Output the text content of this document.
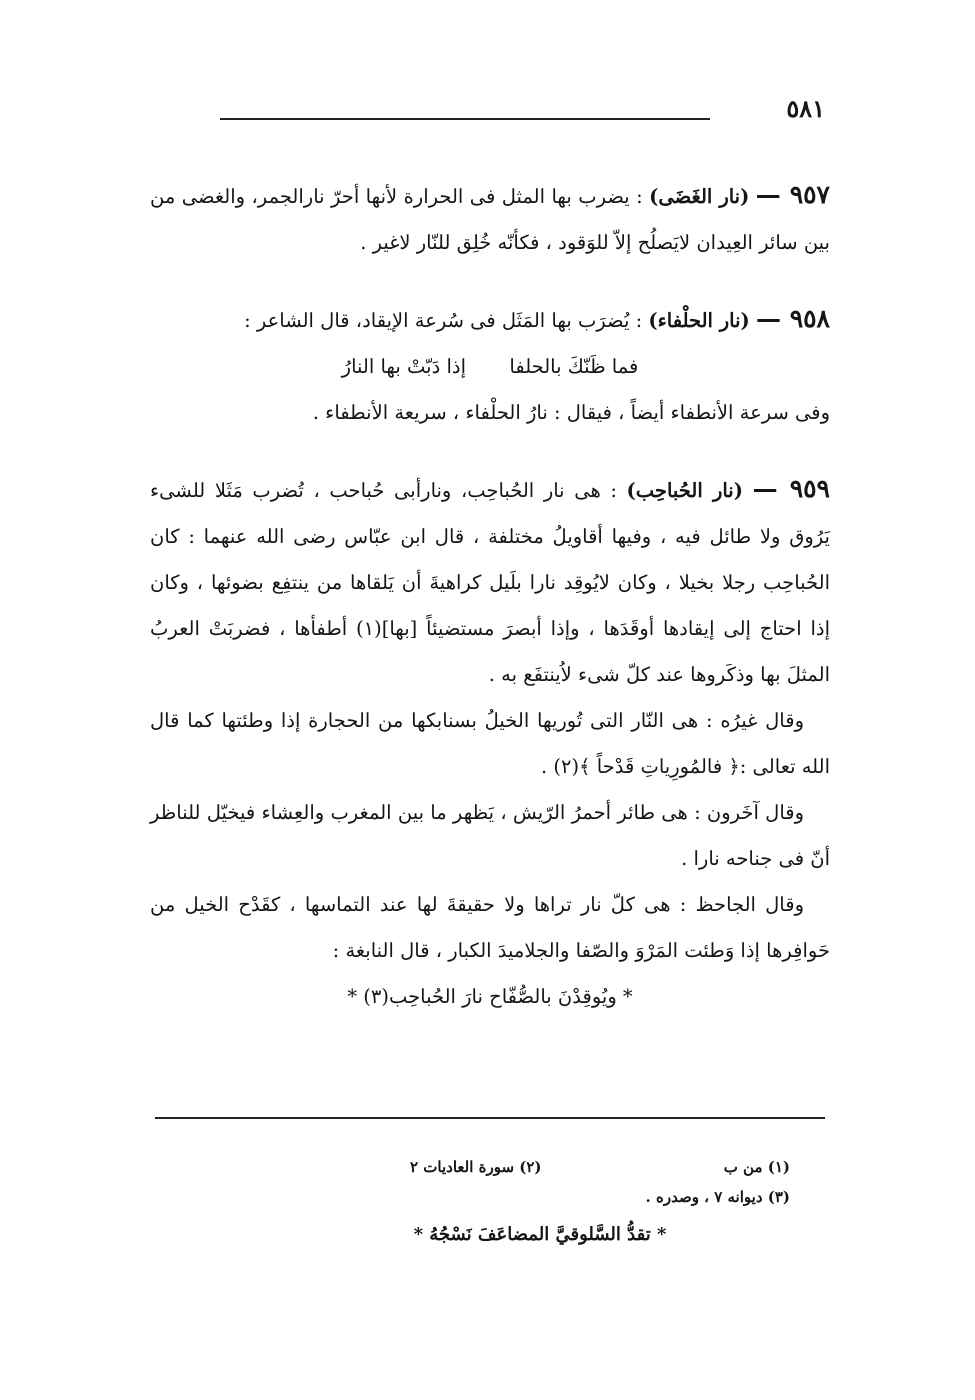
٥٨١

٩٥٧ — (نار الغَضَى) : يضرب بها المثل فى الحرارة لأنها أحرّ نارالجمر، والغضى من بين سائر العِيدان لايَصلُح إلاّ للوَقود ، فكأنّه خُلِق للنّار لاغير .

٩٥٨ — (نار الحلْفاء) : يُضرَب بها المَثَل فى سُرعة الإيقاد، قال الشاعر :

فما ظَنّكَ بالحلفا       إذا دَبّتْ بها النارُ

وفى سرعة الأنطفاء أيضاً ، فيقال : نارُ الحلْفاء ، سريعة الأنطفاء .

٩٥٩ — (نار الحُباحِب) : هى نار الحُباحِب، ونارأبى حُباحب ، تُضرب مَثَلا للشىء يَرُوق ولا طائل فيه ، وفيها أقاويلُ مختلفة ، قال ابن عبّاس رضى الله عنهما : كان الحُباحِب رجلا بخيلا ، وكان لايُوقِد نارا بلَيل كراهيةَ أن يَلقاها من ينتفِع بضوئها ، وكان إذا احتاج إلى إيقادها أوقَدَها ، وإذا أبصرَ مستضيئاً [بها](١) أطفأها ، فضربَتْ العربُ المثلَ بها وذكَروها عند كلّ شىء لاُينتفَع به .

وقال غيرُه : هى النّار التى تُوريها الخيلُ بسنابكها من الحجارة إذا وطئتها كما قال الله تعالى :﴿ فالمُورِياتِ قَدْحاً ﴾(٢) .

وقال آخَرون : هى طائر أحمرُ الرّيش ، يَظهر ما بين المغرب والعِشاء فيخيّل للناظر أنّ فى جناحه نارا .

وقال الجاحظ : هى كلّ نار تراها ولا حقيقةَ لها عند التماسها ، كقَدْح الخيل من حَوافِرها إذا وَطئت المَرْوَ والصّفا والجلاميدَ الكبار ، قال النابغة :

* ويُوقِدْنَ بالصُّفّاح نارَ الحُباحِب(٣) *
(١) من ب
(٢) سورة العاديات ٢
(٣) ديوانه ٧ ، وصدره .
* تقدُّ السَّلوقيَّ المضاعَفَ نَسْجُهُ *
